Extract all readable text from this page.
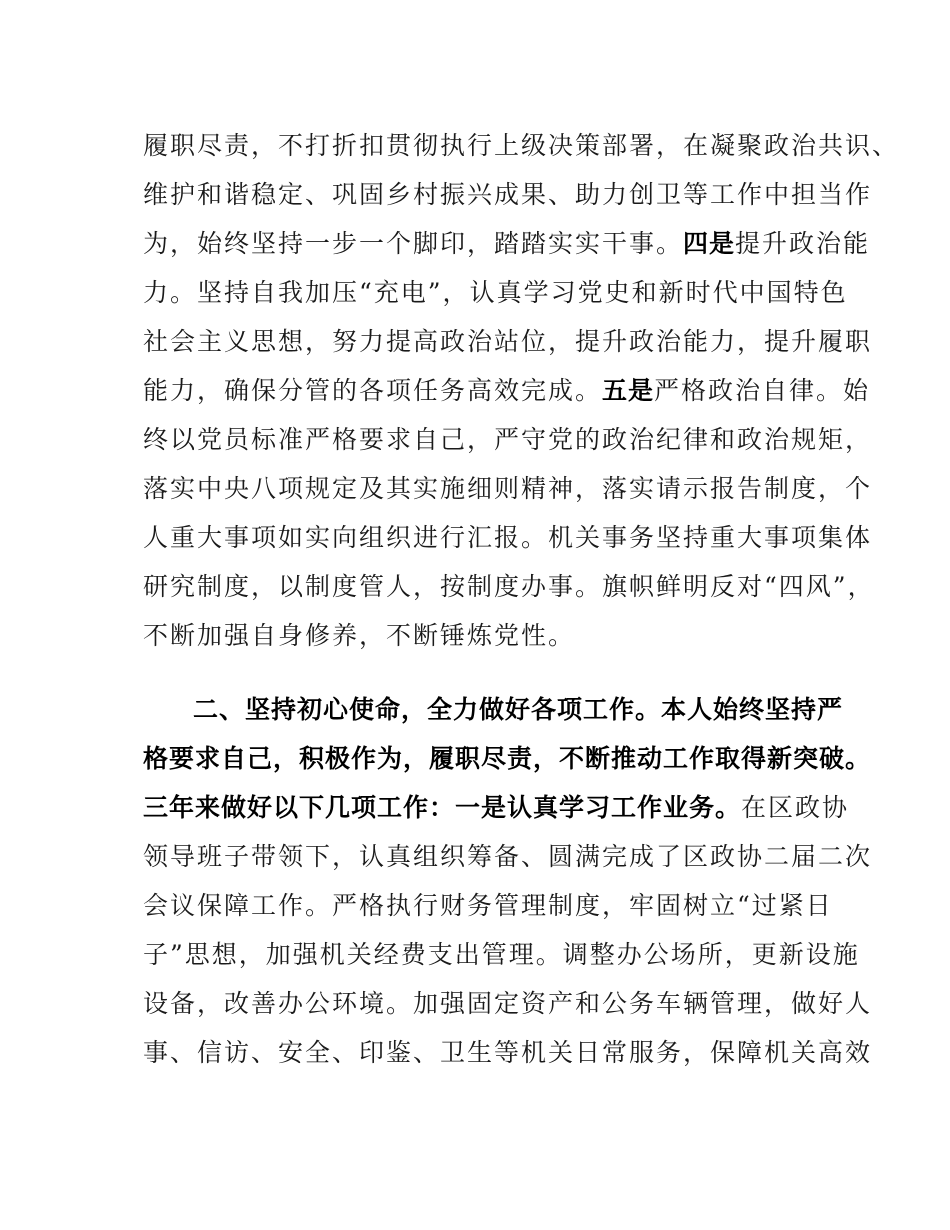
履职尽责，不打折扣贯彻执行上级决策部署，在凝聚政治共识、
维护和谐稳定、巩固乡村振兴成果、助力创卫等工作中担当作
为，始终坚持一步一个脚印，踏踏实实干事。四是提升政治能
力。坚持自我加压“充电”，认真学习党史和新时代中国特色
社会主义思想，努力提高政治站位，提升政治能力，提升履职
能力，确保分管的各项任务高效完成。五是严格政治自律。始
终以党员标准严格要求自己，严守党的政治纪律和政治规矩，
落实中央八项规定及其实施细则精神，落实请示报告制度，个
人重大事项如实向组织进行汇报。机关事务坚持重大事项集体
研究制度，以制度管人，按制度办事。旗帜鲜明反对“四风”，
不断加强自身修养，不断锤炼党性。
二、坚持初心使命，全力做好各项工作。本人始终坚持严
格要求自己，积极作为，履职尽责，不断推动工作取得新突破。
三年来做好以下几项工作：一是认真学习工作业务。在区政协
领导班子带领下，认真组织筹备、圆满完成了区政协二届二次
会议保障工作。严格执行财务管理制度，牢固树立“过紧日
子”思想，加强机关经费支出管理。调整办公场所，更新设施
设备，改善办公环境。加强固定资产和公务车辆管理，做好人
事、信访、安全、印鉴、卫生等机关日常服务，保障机关高效
